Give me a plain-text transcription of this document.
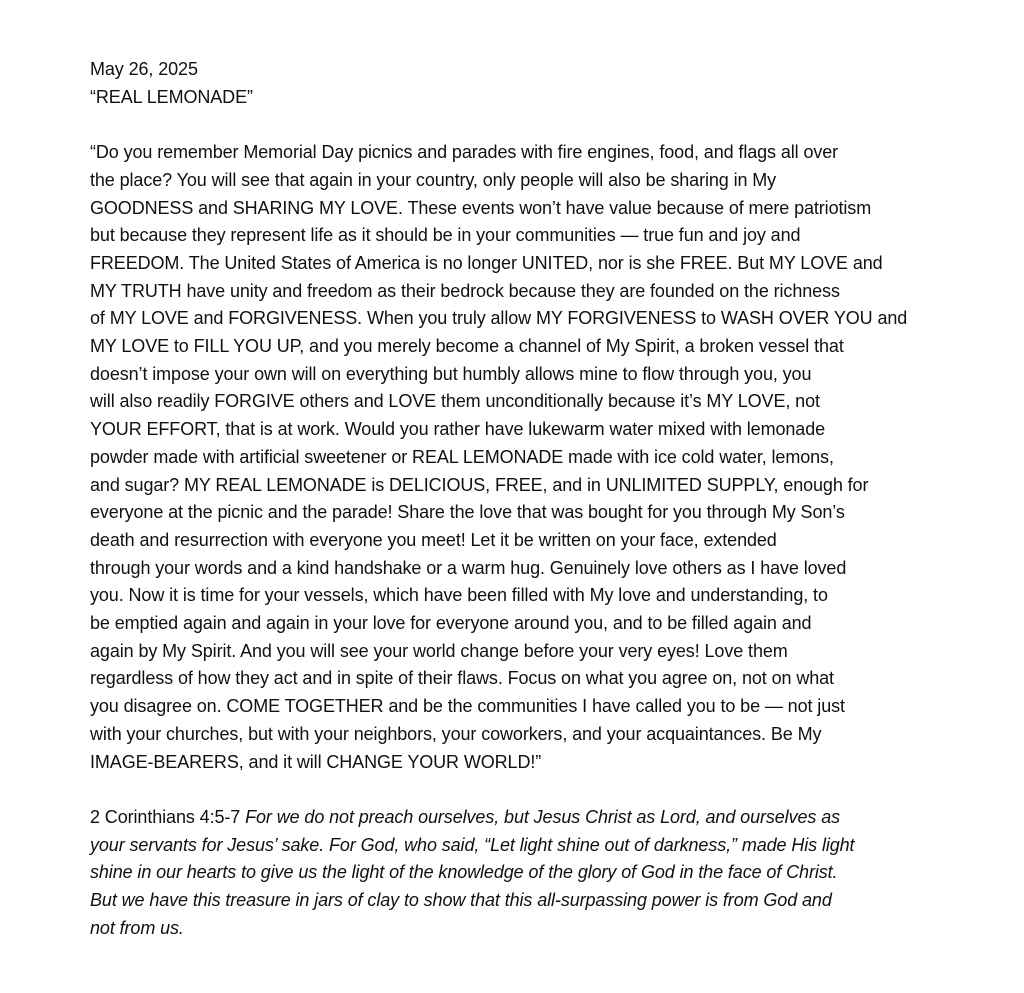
May 26, 2025

“REAL LEMONADE”

“Do you remember Memorial Day picnics and parades with fire engines, food, and flags all over
the place? You will see that again in your country, only people will also be sharing in My
GOODNESS and SHARING MY LOVE. These events won’t have value because of mere patriotism
but because they represent life as it should be in your communities — true fun and joy and
FREEDOM. The United States of America is no longer UNITED, nor is she FREE. But MY LOVE and
MY TRUTH have unity and freedom as their bedrock because they are founded on the richness
of MY LOVE and FORGIVENESS. When you truly allow MY FORGIVENESS to WASH OVER YOU and
MY LOVE to FILL YOU UP, and you merely become a channel of My Spirit, a broken vessel that
doesn’t impose your own will on everything but humbly allows mine to flow through you, you
will also readily FORGIVE others and LOVE them unconditionally because it’s MY LOVE, not
YOUR EFFORT, that is at work. Would you rather have lukewarm water mixed with lemonade
powder made with artificial sweetener or REAL LEMONADE made with ice cold water, lemons,
and sugar? MY REAL LEMONADE is DELICIOUS, FREE, and in UNLIMITED SUPPLY, enough for
everyone at the picnic and the parade! Share the love that was bought for you through My Son’s
death and resurrection with everyone you meet! Let it be written on your face, extended
through your words and a kind handshake or a warm hug. Genuinely love others as I have loved
you. Now it is time for your vessels, which have been filled with My love and understanding, to
be emptied again and again in your love for everyone around you, and to be filled again and
again by My Spirit. And you will see your world change before your very eyes! Love them
regardless of how they act and in spite of their flaws. Focus on what you agree on, not on what
you disagree on. COME TOGETHER and be the communities I have called you to be — not just
with your churches, but with your neighbors, your coworkers, and your acquaintances. Be My
IMAGE-BEARERS, and it will CHANGE YOUR WORLD!”
2 Corinthians 4:5-7 For we do not preach ourselves, but Jesus Christ as Lord, and ourselves as
your servants for Jesus’ sake. For God, who said, “Let light shine out of darkness,” made His light
shine in our hearts to give us the light of the knowledge of the glory of God in the face of Christ.
But we have this treasure in jars of clay to show that this all-surpassing power is from God and
not from us.
